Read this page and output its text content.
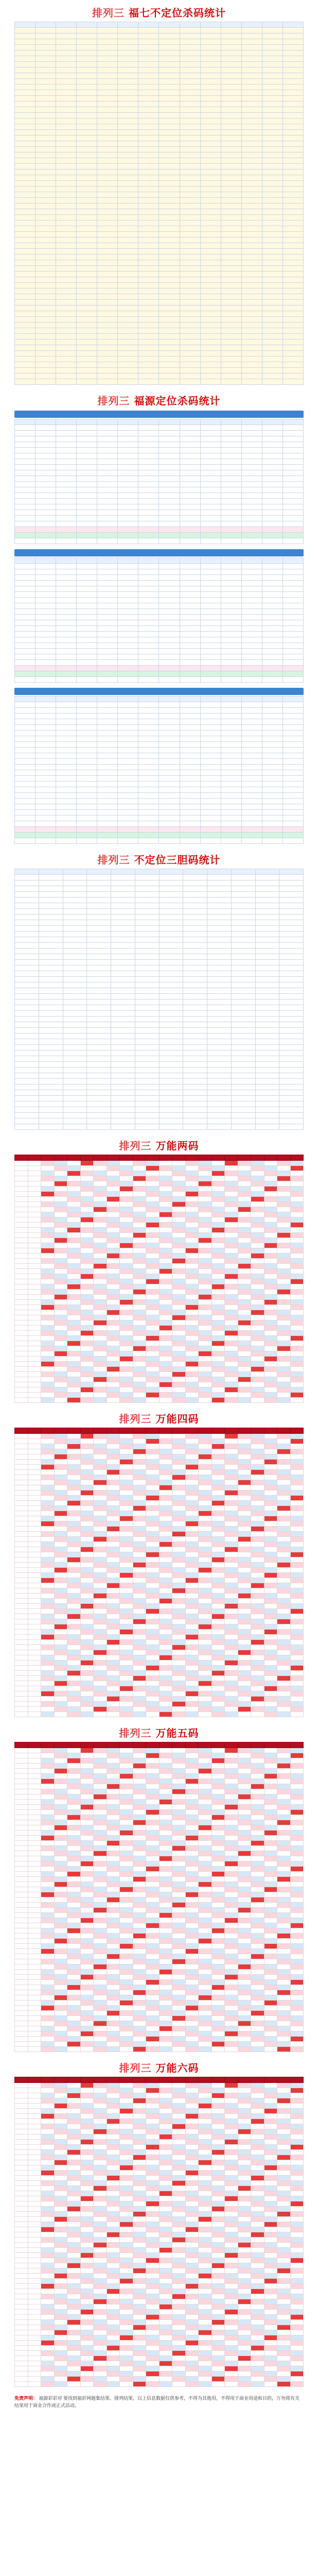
排列三 福七不定位杀码统计

排列三 福源定位杀码统计

排列三 不定位三胆码统计

排列三 万能两码

排列三 万能四码

排列三 万能五码

排列三 万能六码

免责声明： 福源彩彩对 要找到福彩网题集结果、排列结果，以上信息数据仅供参考，不得为其他用，不得用于商业用途和目的，万勿将有关结果用于商业合作或正式活动。
